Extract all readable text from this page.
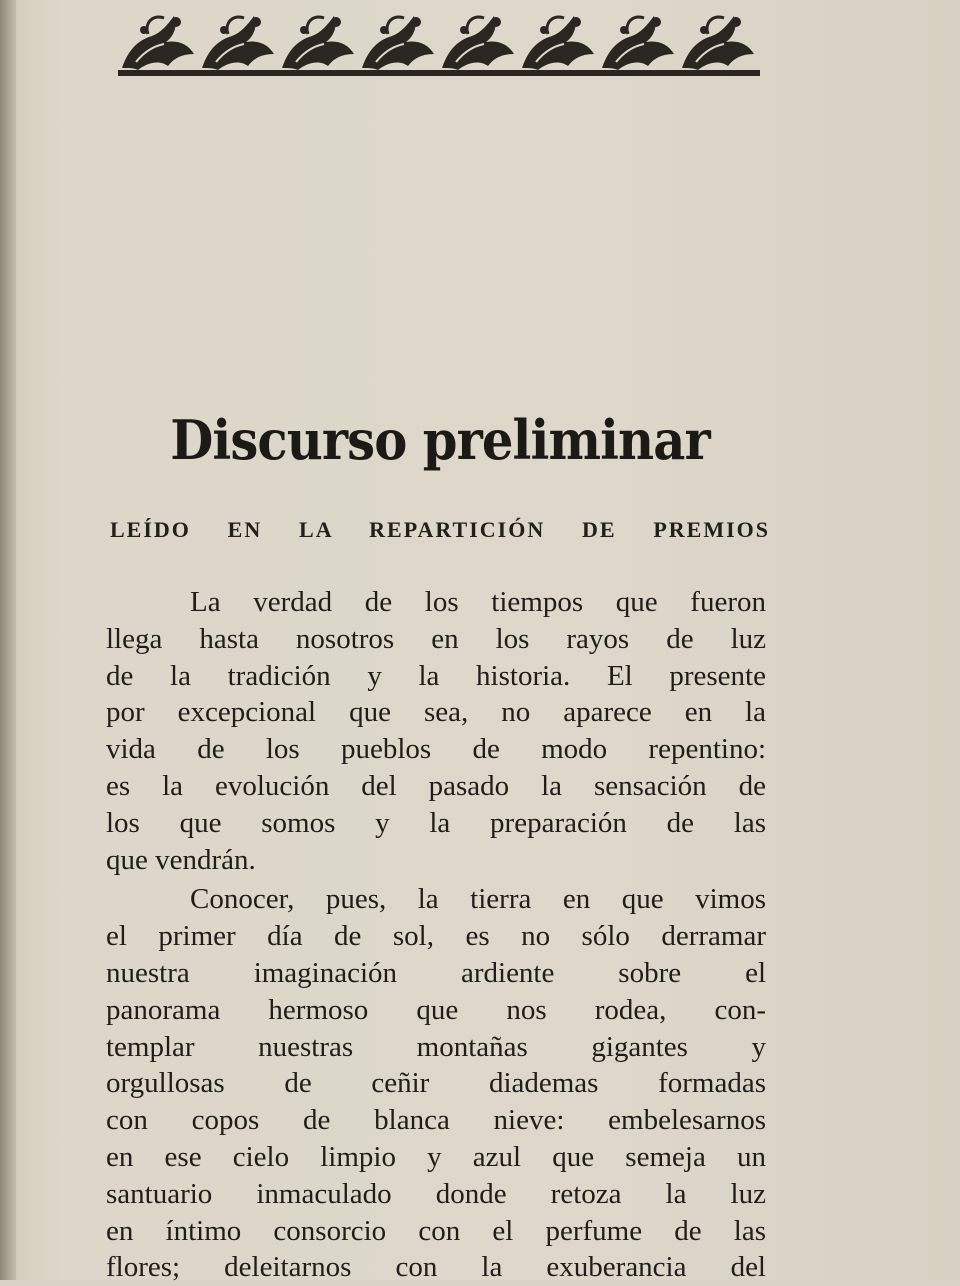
Discurso preliminar
LEÍDO EN LA REPARTICIÓN DE PREMIOS
La verdad de los tiempos que fueron
llega hasta nosotros en los rayos de luz
de la tradición y la historia. El presente
por excepcional que sea, no aparece en la
vida de los pueblos de modo repentino:
es la evolución del pasado la sensación de
los que somos y la preparación de las
que vendrán.
Conocer, pues, la tierra en que vimos
el primer día de sol, es no sólo derramar
nuestra imaginación ardiente sobre el
panorama hermoso que nos rodea, con-
templar nuestras montañas gigantes y
orgullosas de ceñir diademas formadas
con copos de blanca nieve: embelesarnos
en ese cielo limpio y azul que semeja un
santuario inmaculado donde retoza la luz
en íntimo consorcio con el perfume de las
flores; deleitarnos con la exuberancia del
